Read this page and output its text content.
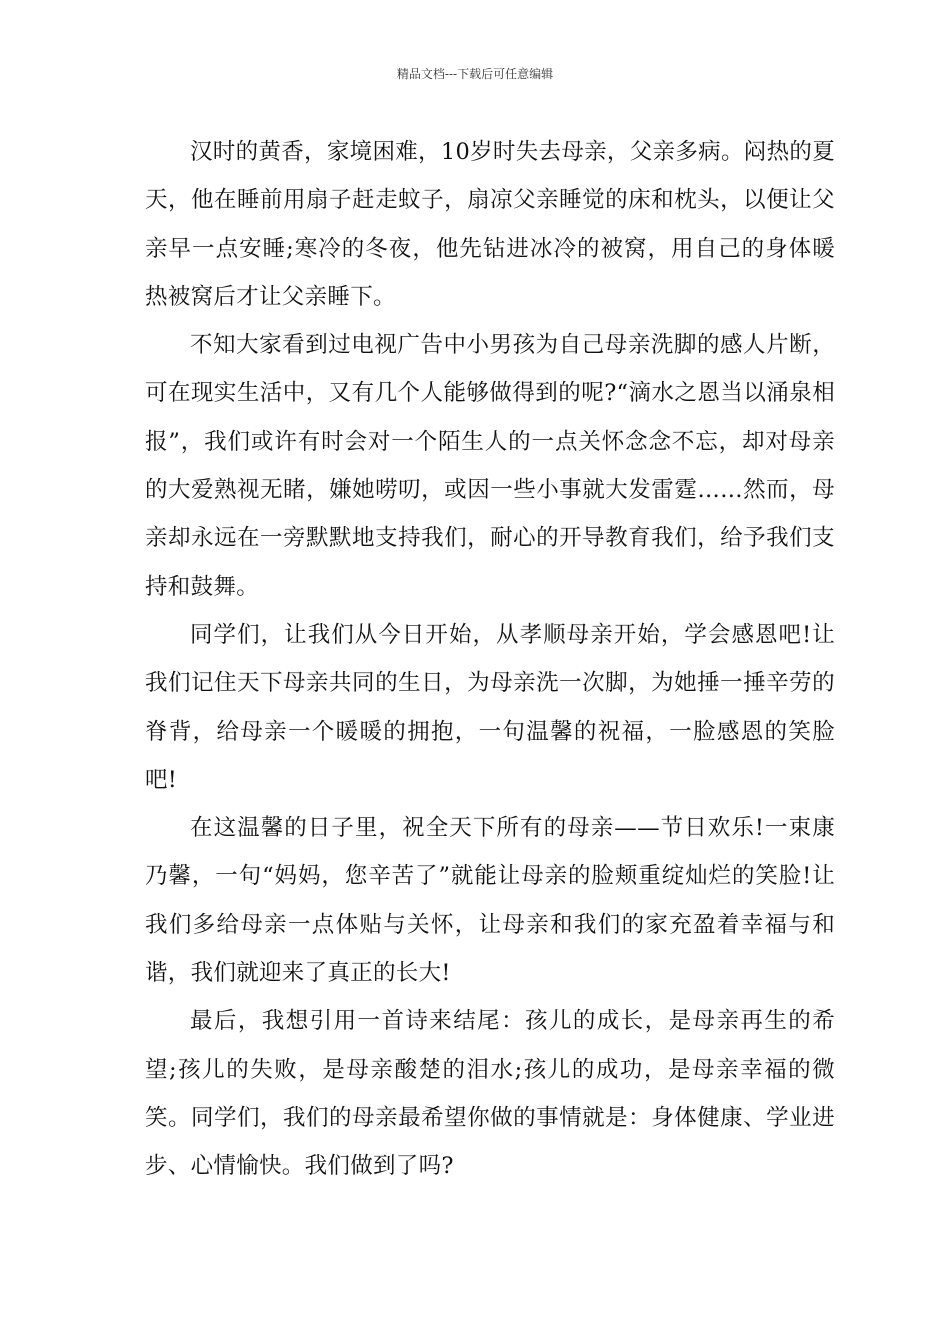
精品文档---下载后可任意编辑

汉时的黄香，家境困难，10岁时失去母亲，父亲多病。闷热的夏天，他在睡前用扇子赶走蚊子，扇凉父亲睡觉的床和枕头，以便让父亲早一点安睡;寒冷的冬夜，他先钻进冰冷的被窝，用自己的身体暖热被窝后才让父亲睡下。

不知大家看到过电视广告中小男孩为自己母亲洗脚的感人片断，可在现实生活中，又有几个人能够做得到的呢?“滴水之恩当以涌泉相报”，我们或许有时会对一个陌生人的一点关怀念念不忘，却对母亲的大爱熟视无睹，嫌她唠叨，或因一些小事就大发雷霆……然而，母亲却永远在一旁默默地支持我们，耐心的开导教育我们，给予我们支持和鼓舞。

同学们，让我们从今日开始，从孝顺母亲开始，学会感恩吧!让我们记住天下母亲共同的生日，为母亲洗一次脚，为她捶一捶辛劳的脊背，给母亲一个暖暖的拥抱，一句温馨的祝福，一脸感恩的笑脸吧!

在这温馨的日子里，祝全天下所有的母亲——节日欢乐!一束康乃馨，一句“妈妈，您辛苦了”就能让母亲的脸颊重绽灿烂的笑脸!让我们多给母亲一点体贴与关怀，让母亲和我们的家充盈着幸福与和谐，我们就迎来了真正的长大!

最后，我想引用一首诗来结尾：孩儿的成长，是母亲再生的希望;孩儿的失败，是母亲酸楚的泪水;孩儿的成功，是母亲幸福的微笑。同学们，我们的母亲最希望你做的事情就是：身体健康、学业进步、心情愉快。我们做到了吗?
